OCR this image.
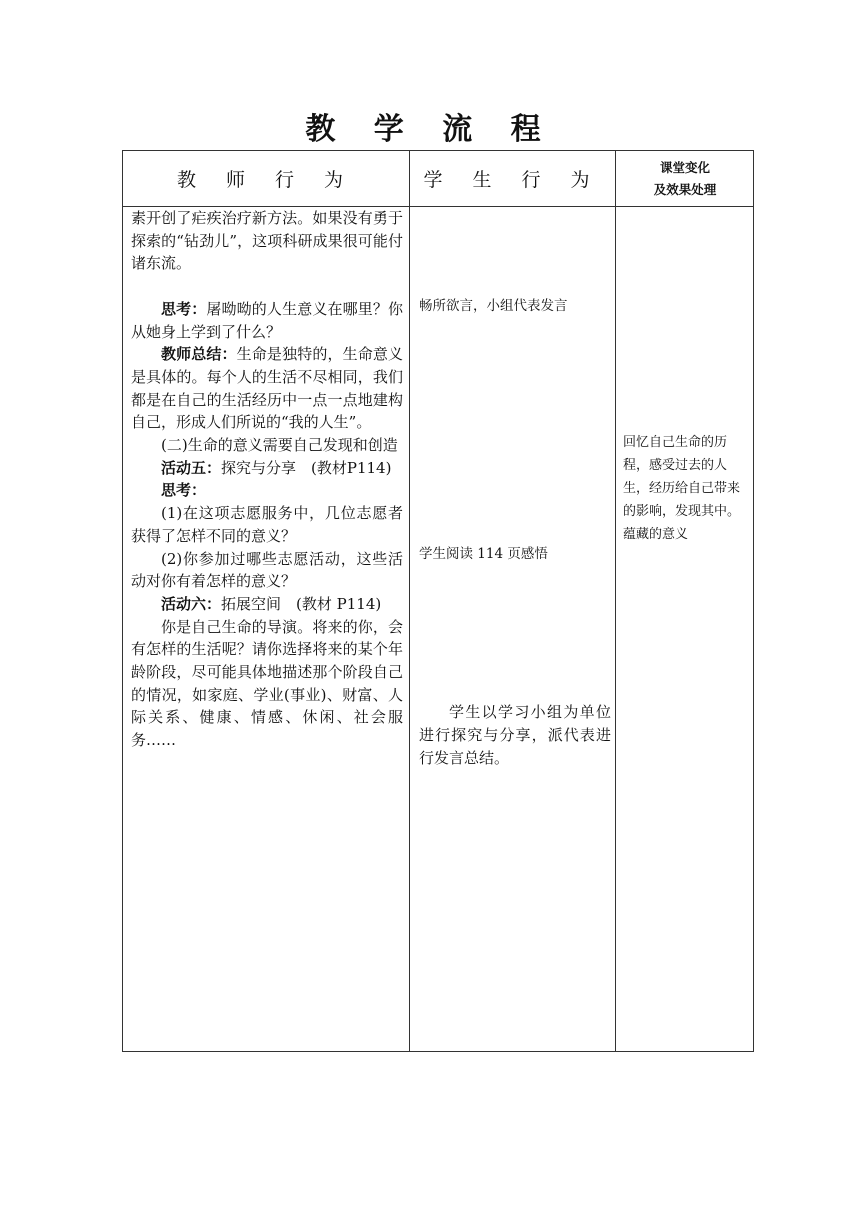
教 学 流 程
教 师 行 为	学 生 行 为
课堂变化
及效果处理

素开创了疟疾治疗新方法。如果没有勇于探索的“钻劲儿”，这项科研成果很可能付诸东流。

思考：屠呦呦的人生意义在哪里？你从她身上学到了什么？

教师总结：生命是独特的，生命意义是具体的。每个人的生活不尽相同，我们都是在自己的生活经历中一点一点地建构自己，形成人们所说的“我的人生”。

(二)生命的意义需要自己发现和创造

活动五：探究与分享　(教材P114)

思考：

(1)在这项志愿服务中，几位志愿者获得了怎样不同的意义？

(2)你参加过哪些志愿活动，这些活动对你有着怎样的意义？

活动六：拓展空间　(教材 P114)

你是自己生命的导演。将来的你，会有怎样的生活呢？请你选择将来的某个年龄阶段，尽可能具体地描述那个阶段自己的情况，如家庭、学业(事业)、财富、人际关系、健康、情感、休闲、社会服务……

畅所欲言，小组代表发言
学生阅读 114 页感悟
学生以学习小组为单位进行探究与分享，派代表进行发言总结。
回忆自己生命的历程，感受过去的人生，经历给自己带来的影响，发现其中。蕴藏的意义
